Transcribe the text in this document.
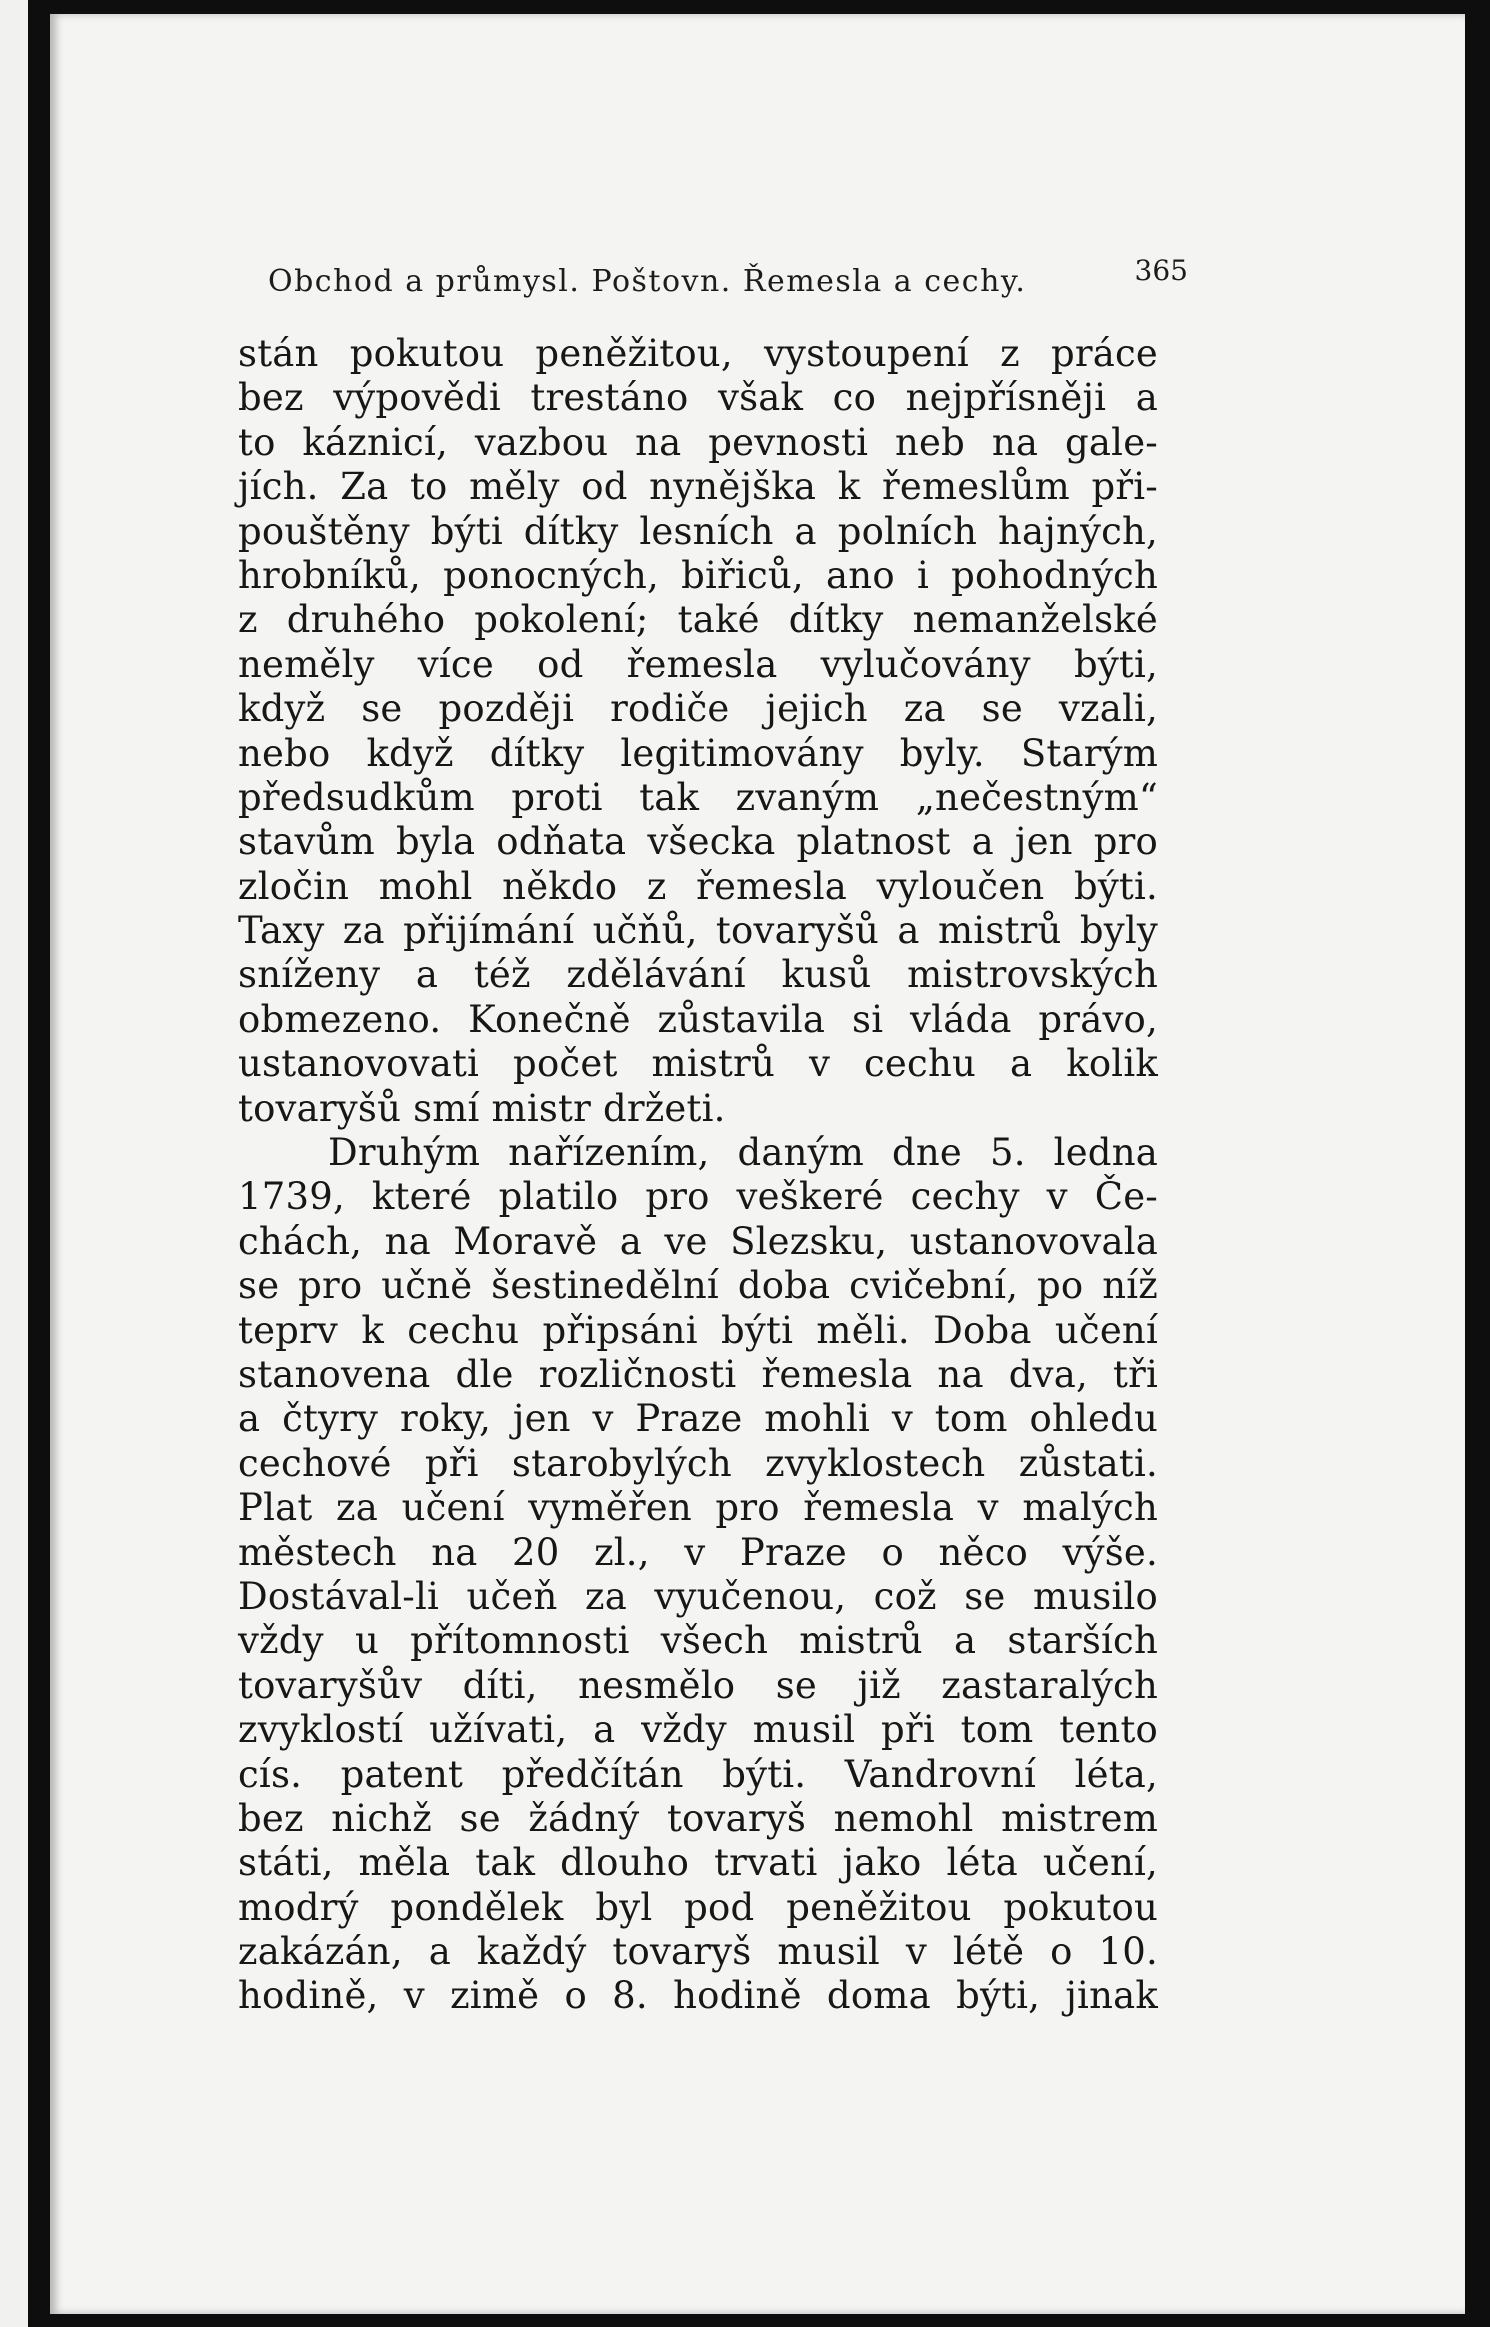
Obchod a průmysl. Poštovn. Řemesla a cechy.	365
stán pokutou peněžitou, vystoupení z práce
bez výpovědi trestáno však co nejpřísněji a
to káznicí, vazbou na pevnosti neb na gale-
jích. Za to měly od nynějška k řemeslům při-
pouštěny býti dítky lesních a polních hajných,
hrobníků, ponocných, biřiců, ano i pohodných
z druhého pokolení; také dítky nemanželské
neměly více od řemesla vylučovány býti,
když se později rodiče jejich za se vzali,
nebo když dítky legitimovány byly. Starým
předsudkům proti tak zvaným „nečestným“
stavům byla odňata všecka platnost a jen pro
zločin mohl někdo z řemesla vyloučen býti.
Taxy za přijímání učňů, tovaryšů a mistrů byly
sníženy a též zdělávání kusů mistrovských
obmezeno. Konečně zůstavila si vláda právo,
ustanovovati počet mistrů v cechu a kolik
tovaryšů smí mistr držeti.
Druhým nařízením, daným dne 5. ledna
1739, které platilo pro veškeré cechy v Če-
chách, na Moravě a ve Slezsku, ustanovovala
se pro učně šestinedělní doba cvičební, po níž
teprv k cechu připsáni býti měli. Doba učení
stanovena dle rozličnosti řemesla na dva, tři
a čtyry roky, jen v Praze mohli v tom ohledu
cechové při starobylých zvyklostech zůstati.
Plat za učení vyměřen pro řemesla v malých
městech na 20 zl., v Praze o něco výše.
Dostával-li učeň za vyučenou, což se musilo
vždy u přítomnosti všech mistrů a starších
tovaryšův díti, nesmělo se již zastaralých
zvyklostí užívati, a vždy musil při tom tento
cís. patent předčítán býti. Vandrovní léta,
bez nichž se žádný tovaryš nemohl mistrem
státi, měla tak dlouho trvati jako léta učení,
modrý pondělek byl pod peněžitou pokutou
zakázán, a každý tovaryš musil v létě o 10.
hodině, v zimě o 8. hodině doma býti, jinak
